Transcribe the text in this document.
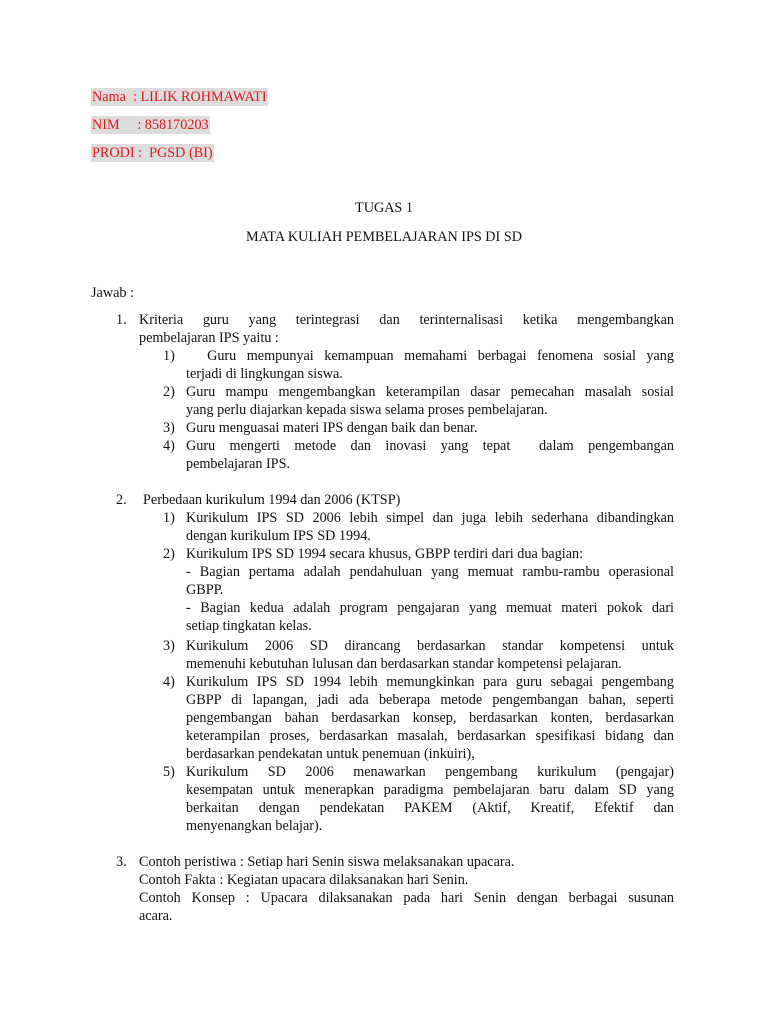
Nama  : LILIK ROHMAWATI
NIM     : 858170203
PRODI :  PGSD (BI)
TUGAS 1
MATA KULIAH PEMBELAJARAN IPS DI SD
Jawab :
1. Kriteria guru yang terintegrasi dan terinternalisasi ketika mengembangkan

pembelajaran IPS yaitu :

1) Guru mempunyai kemampuan memahami berbagai fenomena sosial yang

terjadi di lingkungan siswa.

2) Guru mampu mengembangkan keterampilan dasar pemecahan masalah sosial

yang perlu diajarkan kepada siswa selama proses pembelajaran.

3) Guru menguasai materi IPS dengan baik dan benar.

4) Guru mengerti metode dan inovasi yang tepat  dalam pengembangan

pembelajaran IPS.

2. Perbedaan kurikulum 1994 dan 2006 (KTSP)
1) Kurikulum IPS SD 2006 lebih simpel dan juga lebih sederhana dibandingkan

dengan kurikulum IPS SD 1994.

2) Kurikulum IPS SD 1994 secara khusus, GBPP terdiri dari dua bagian:

- Bagian pertama adalah pendahuluan yang memuat rambu-rambu operasional

GBPP.

- Bagian kedua adalah program pengajaran yang memuat materi pokok dari

setiap tingkatan kelas.

3) Kurikulum 2006 SD dirancang berdasarkan standar kompetensi untuk

memenuhi kebutuhan lulusan dan berdasarkan standar kompetensi pelajaran.

4) Kurikulum IPS SD 1994 lebih memungkinkan para guru sebagai pengembang

GBPP di lapangan, jadi ada beberapa metode pengembangan bahan, seperti

pengembangan bahan berdasarkan konsep, berdasarkan konten, berdasarkan

keterampilan proses, berdasarkan masalah, berdasarkan spesifikasi bidang dan

berdasarkan pendekatan untuk penemuan (inkuiri),

5) Kurikulum SD 2006 menawarkan pengembang kurikulum (pengajar)

kesempatan untuk menerapkan paradigma pembelajaran baru dalam SD yang

berkaitan dengan pendekatan PAKEM (Aktif, Kreatif, Efektif dan

menyenangkan belajar).

3. Contoh peristiwa : Setiap hari Senin siswa melaksanakan upacara.

Contoh Fakta : Kegiatan upacara dilaksanakan hari Senin.

Contoh Konsep : Upacara dilaksanakan pada hari Senin dengan berbagai susunan

acara.
